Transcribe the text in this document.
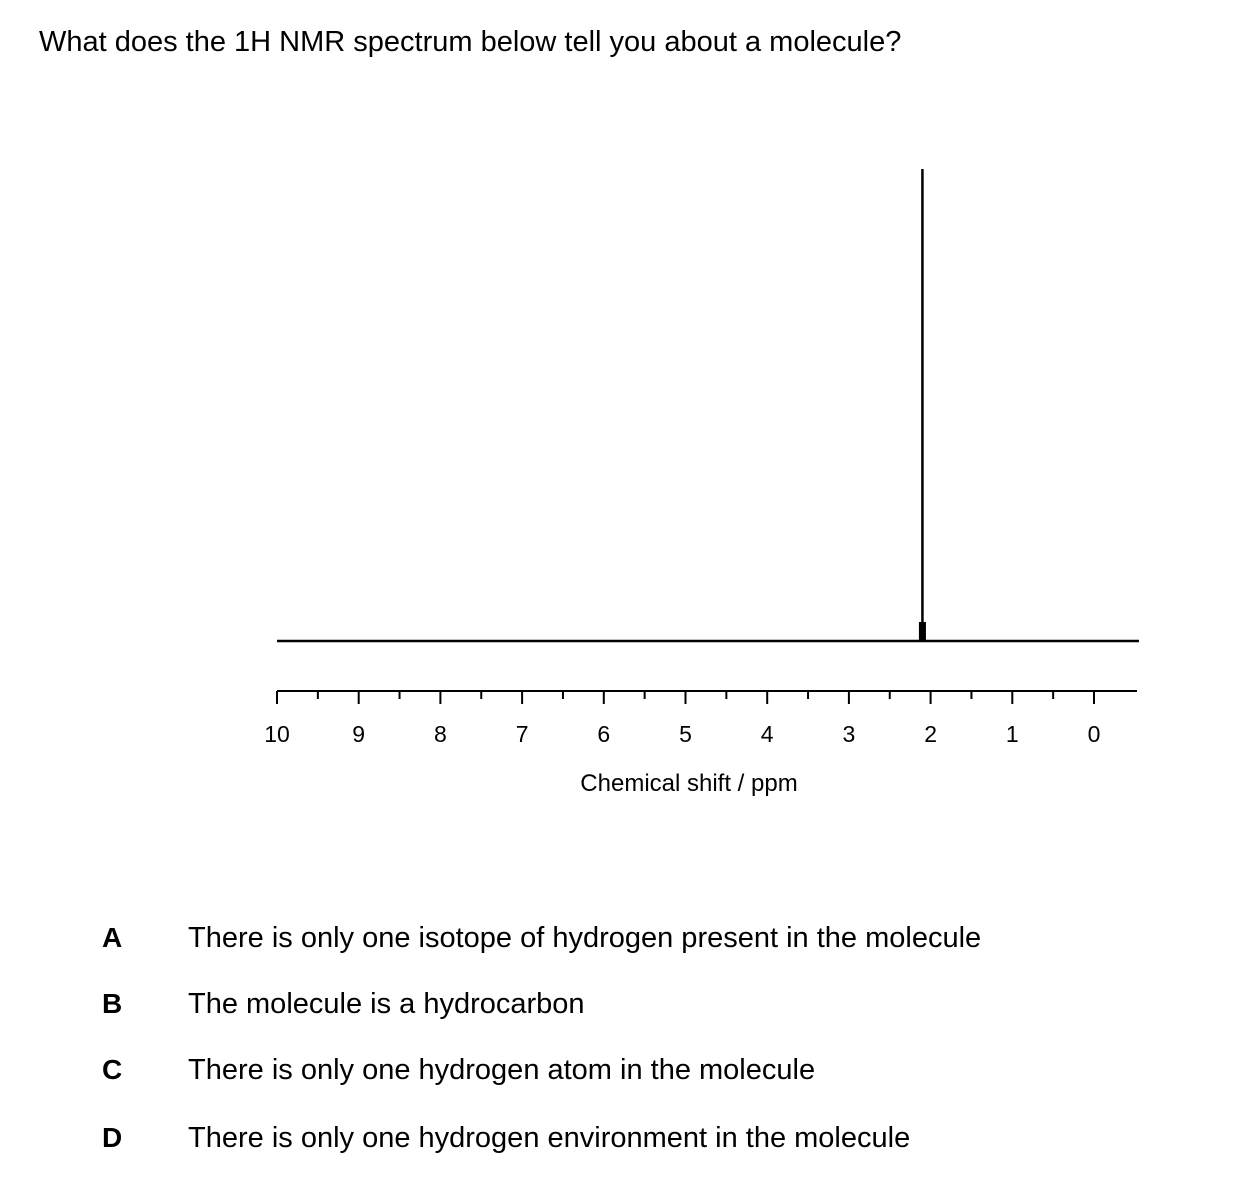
What does the 1H NMR spectrum below tell you about a molecule?
10	9	8	7	6	5	4	3	2	1	0
Chemical shift / ppm
A	There is only one isotope of hydrogen present in the molecule
B	The molecule is a hydrocarbon
C	There is only one hydrogen atom in the molecule
D	There is only one hydrogen environment in the molecule
